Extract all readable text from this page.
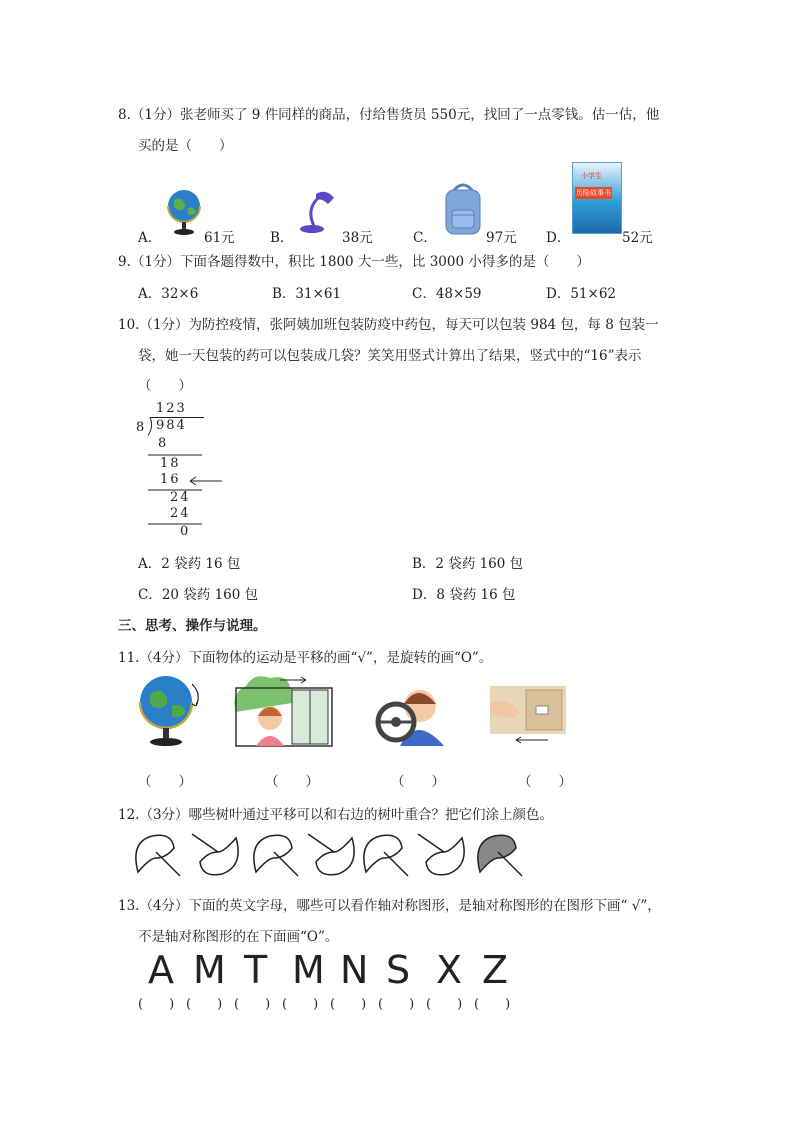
8.（1分）张老师买了 9 件同样的商品，付给售货员 550元，找回了一点零钱。估一估，他
买的是（　　）
A．	61元	B．	38元	C．	97元 D．
小学生
历险故事书
52元
9.（1分）下面各题得数中，积比 1800 大一些，比 3000 小得多的是（　　）
A．32×6	B．31×61	C．48×59	D．51×62
10.（1分）为防控疫情，张阿姨加班包装防疫中药包，每天可以包装 984 包，每 8 包装一
袋，她一天包装的药可以包装成几袋？笑笑用竖式计算出了结果，竖式中的“16”表示
（　　）
123
8 984
8
18
16
24
24
0
A．2 袋药 16 包	B．2 袋药 160 包
C．20 袋药 160 包	D．8 袋药 16 包
三、思考、操作与说理。
11.（4分）下面物体的运动是平移的画“√”，是旋转的画“O”。
（　　）	（　　）	（　　）	（　　）
12.（3分）哪些树叶通过平移可以和右边的树叶重合？把它们涂上颜色。
13.（4分）下面的英文字母，哪些可以看作轴对称图形，是轴对称图形的在图形下画“ √”，
不是轴对称图形的在下面画“O”。
A M T M N S X Z
(　　) (　　) (　　) (　　) (　　) (　　) (　　) (　　)
